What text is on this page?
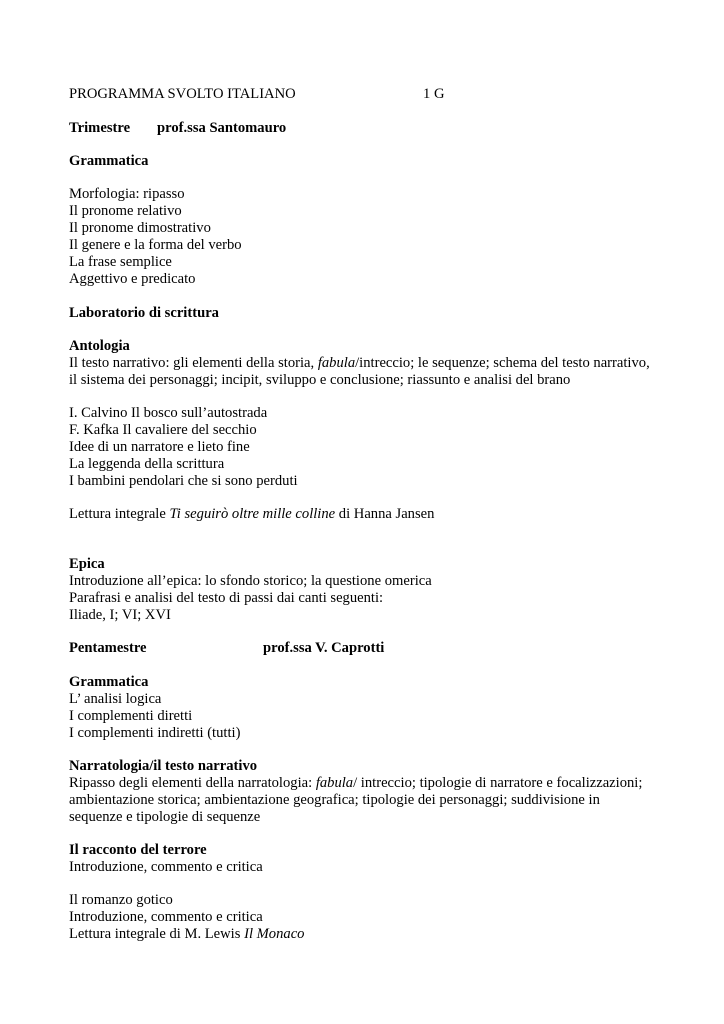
PROGRAMMA SVOLTO ITALIANO	1 G
Trimestre prof.ssa Santomauro
Grammatica
Morfologia: ripasso
Il pronome relativo
Il pronome dimostrativo
Il genere e la forma del verbo
La frase semplice
Aggettivo e predicato
Laboratorio di scrittura
Antologia
Il testo narrativo: gli elementi della storia, fabula/intreccio; le sequenze; schema del testo narrativo,
il sistema dei personaggi; incipit, sviluppo e conclusione; riassunto e analisi del brano
I. Calvino Il bosco sull’autostrada
F. Kafka Il cavaliere del secchio
Idee di un narratore e lieto fine
La leggenda della scrittura
I bambini pendolari che si sono perduti
Lettura integrale Ti seguirò oltre mille colline di Hanna Jansen
Epica
Introduzione all’epica: lo sfondo storico; la questione omerica
Parafrasi e analisi del testo di passi dai canti seguenti:
Iliade, I; VI; XVI
Pentamestre	prof.ssa V. Caprotti
Grammatica
L’ analisi logica
I complementi diretti
I complementi indiretti (tutti)
Narratologia/il testo narrativo
Ripasso degli elementi della narratologia: fabula/ intreccio; tipologie di narratore e focalizzazioni;
ambientazione storica; ambientazione geografica; tipologie dei personaggi; suddivisione in
sequenze e tipologie di sequenze
Il racconto del terrore
Introduzione, commento e critica
Il romanzo gotico
Introduzione, commento e critica
Lettura integrale di M. Lewis Il Monaco
